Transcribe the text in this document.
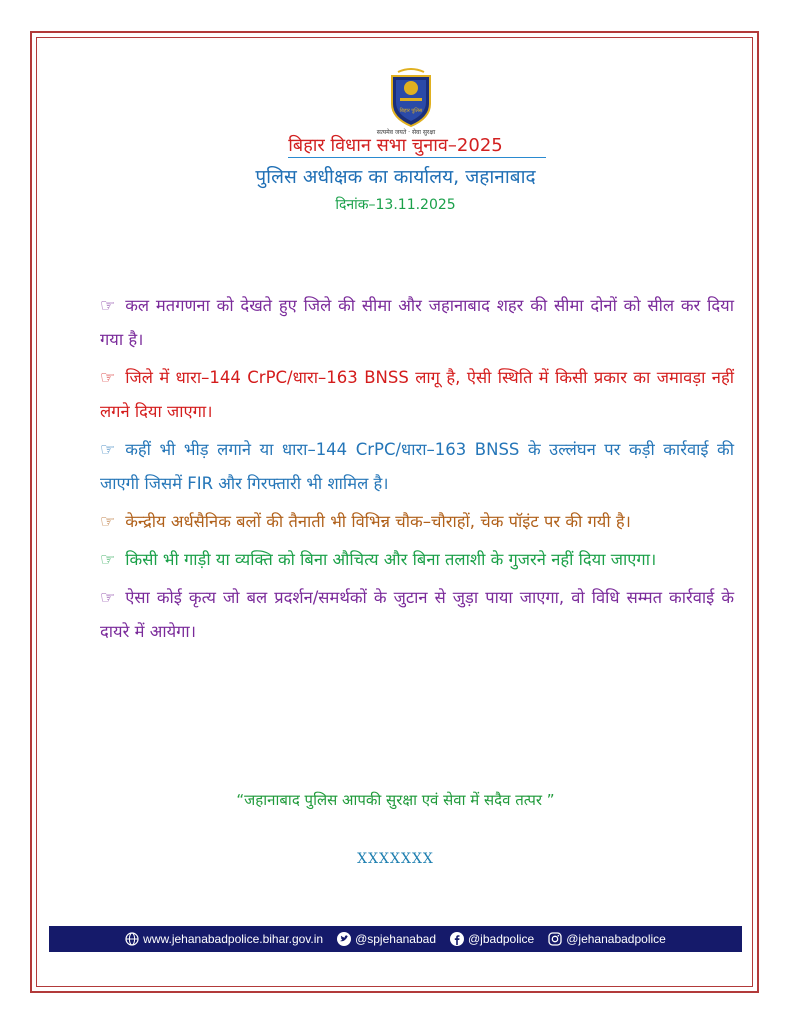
बिहार पुलिस
सत्यमेव जयते · सेवा सुरक्षा
बिहार विधान सभा चुनाव–2025
पुलिस अधीक्षक का कार्यालय, जहानाबाद
दिनांक–13.11.2025

☞ कल मतगणना को देखते हुए जिले की सीमा और जहानाबाद शहर की सीमा दोनों को सील कर दिया गया है।

☞ जिले में धारा–144 CrPC/धारा–163 BNSS लागू है, ऐसी स्थिति में किसी प्रकार का जमावड़ा नहीं लगने दिया जाएगा।

☞ कहीं भी भीड़ लगाने या धारा–144 CrPC/धारा–163 BNSS के उल्लंघन पर कड़ी कार्रवाई की जाएगी जिसमें FIR और गिरफ्तारी भी शामिल है।

☞ केन्द्रीय अर्धसैनिक बलों की तैनाती भी विभिन्न चौक–चौराहों, चेक पॉइंट पर की गयी है।

☞ किसी भी गाड़ी या व्यक्ति को बिना औचित्य और बिना तलाशी के गुजरने नहीं दिया जाएगा।

☞ ऐसा कोई कृत्य जो बल प्रदर्शन/समर्थकों के जुटान से जुड़ा पाया जाएगा, वो विधि सम्मत कार्रवाई के दायरे में आयेगा।

“जहानाबाद पुलिस आपकी सुरक्षा एवं सेवा में सदैव तत्पर ”
XXXXXXX
www.jehanabadpolice.bihar.gov.in	@spjehanabad	@jbadpolice	@jehanabadpolice
